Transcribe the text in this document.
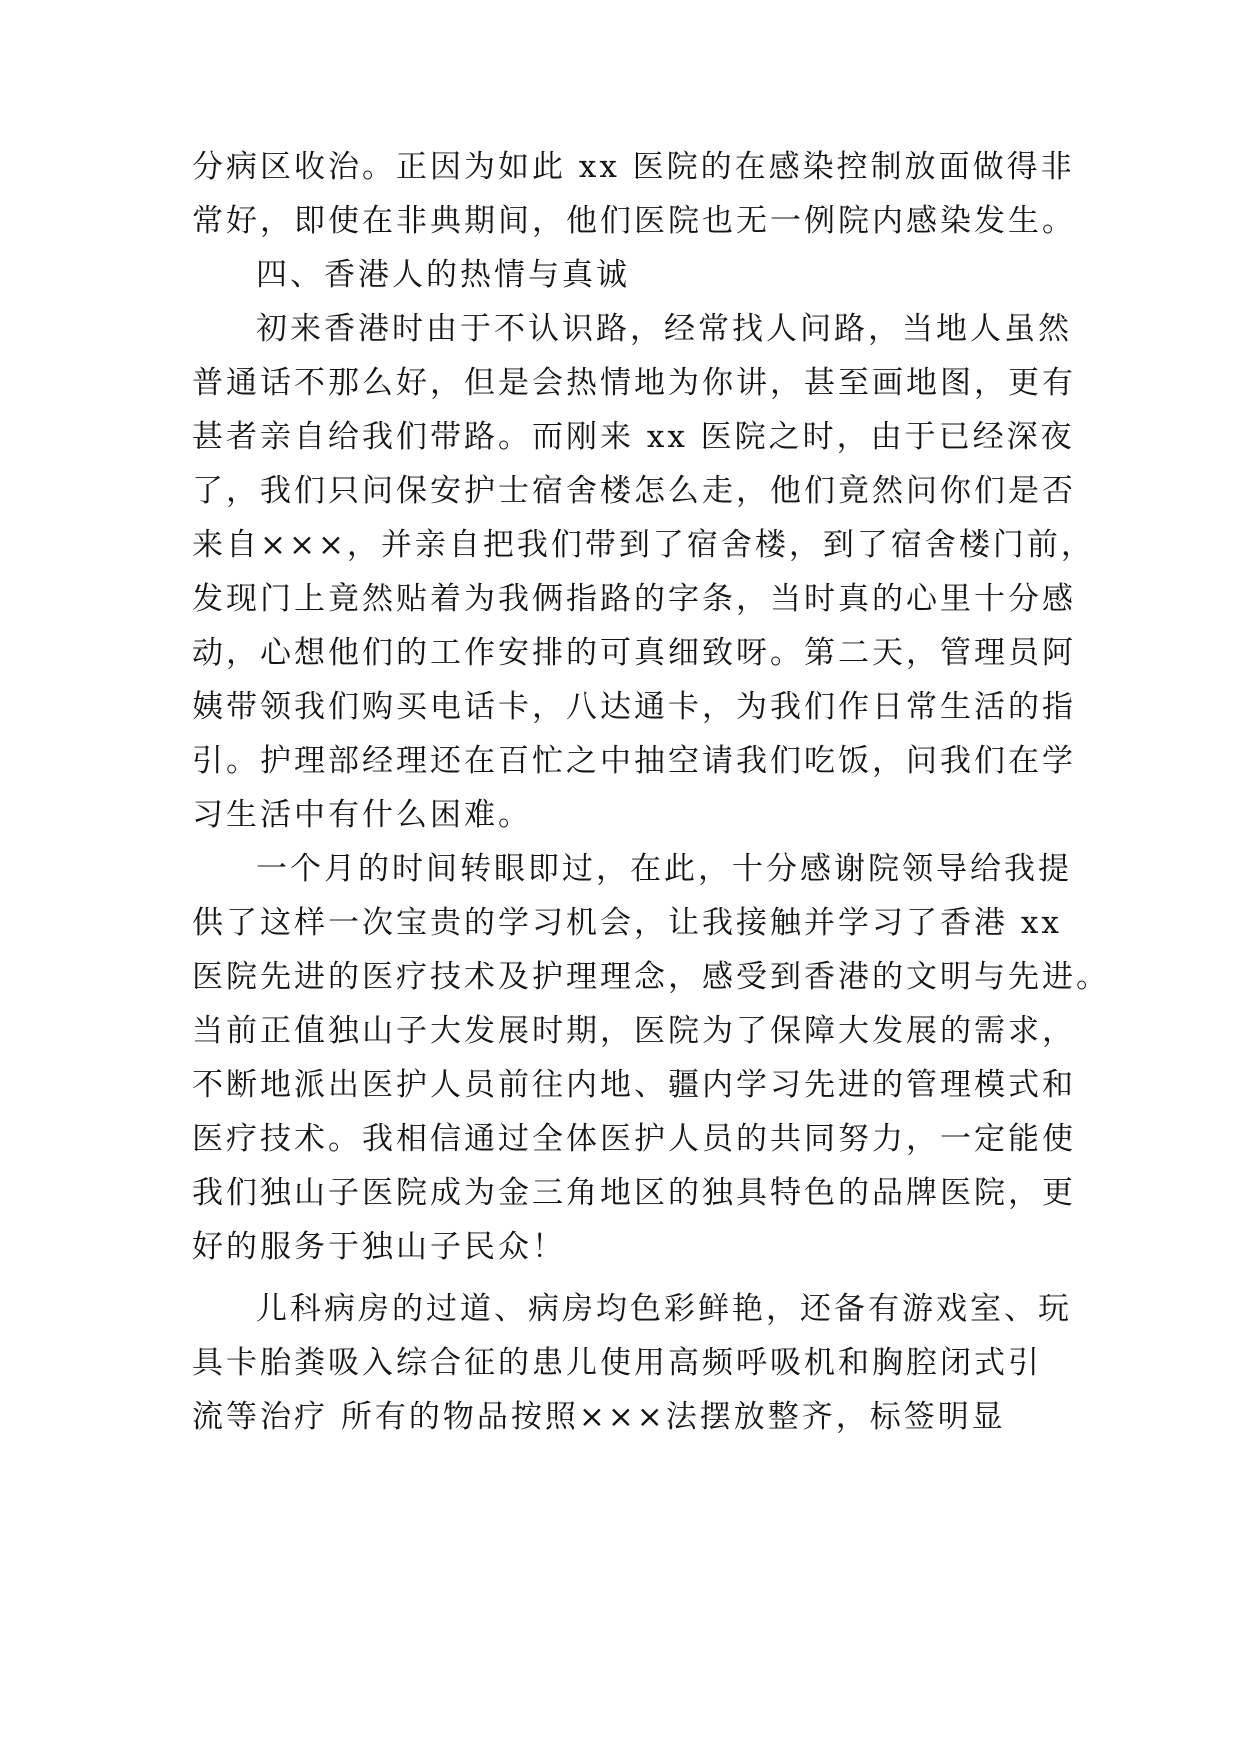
分病区收治。正因为如此 xx 医院的在感染控制放面做得非
常好，即使在非典期间，他们医院也无一例院内感染发生。
四、香港人的热情与真诚
初来香港时由于不认识路，经常找人问路，当地人虽然
普通话不那么好，但是会热情地为你讲，甚至画地图，更有
甚者亲自给我们带路。而刚来 xx 医院之时，由于已经深夜
了，我们只问保安护士宿舍楼怎么走，他们竟然问你们是否
来自×××，并亲自把我们带到了宿舍楼，到了宿舍楼门前，
发现门上竟然贴着为我俩指路的字条，当时真的心里十分感
动，心想他们的工作安排的可真细致呀。第二天，管理员阿
姨带领我们购买电话卡，八达通卡，为我们作日常生活的指
引。护理部经理还在百忙之中抽空请我们吃饭，问我们在学
习生活中有什么困难。
一个月的时间转眼即过，在此，十分感谢院领导给我提
供了这样一次宝贵的学习机会，让我接触并学习了香港 xx
医院先进的医疗技术及护理理念，感受到香港的文明与先进。
当前正值独山子大发展时期，医院为了保障大发展的需求，
不断地派出医护人员前往内地、疆内学习先进的管理模式和
医疗技术。我相信通过全体医护人员的共同努力，一定能使
我们独山子医院成为金三角地区的独具特色的品牌医院，更
好的服务于独山子民众！
儿科病房的过道、病房均色彩鲜艳，还备有游戏室、玩
具卡胎粪吸入综合征的患儿使用高频呼吸机和胸腔闭式引
流等治疗 所有的物品按照×××法摆放整齐，标签明显
